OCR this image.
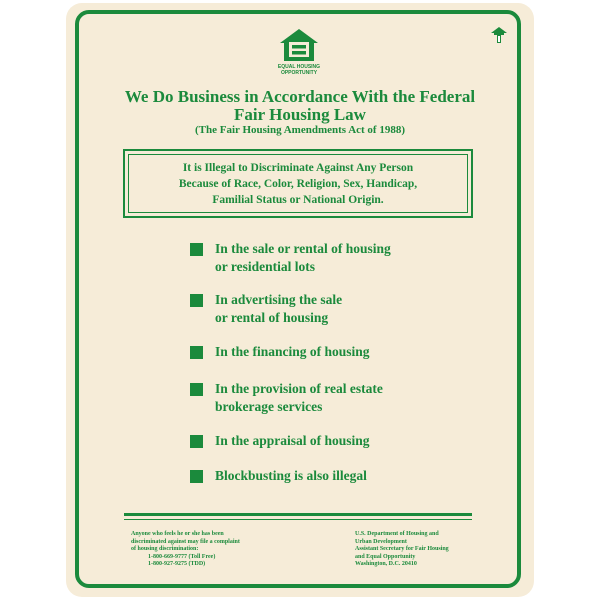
EQUAL HOUSING
OPPORTUNITY
We Do Business in Accordance With the Federal
Fair Housing Law
(The Fair Housing Amendments Act of 1988)
It is Illegal to Discriminate Against Any Person
Because of Race, Color, Religion, Sex, Handicap,
Familial Status or National Origin.
In the sale or rental of housing
or residential lots
In advertising the sale
or rental of housing
In the financing of housing
In the provision of real estate
brokerage services
In the appraisal of housing
Blockbusting is also illegal
Anyone who feels he or she has been
discriminated against may file a complaint
of housing discrimination:
1-800-669-9777 (Toll Free)
1-800-927-9275 (TDD)
U.S. Department of Housing and
Urban Development
Assistant Secretary for Fair Housing
and Equal Opportunity
Washington, D.C. 20410
